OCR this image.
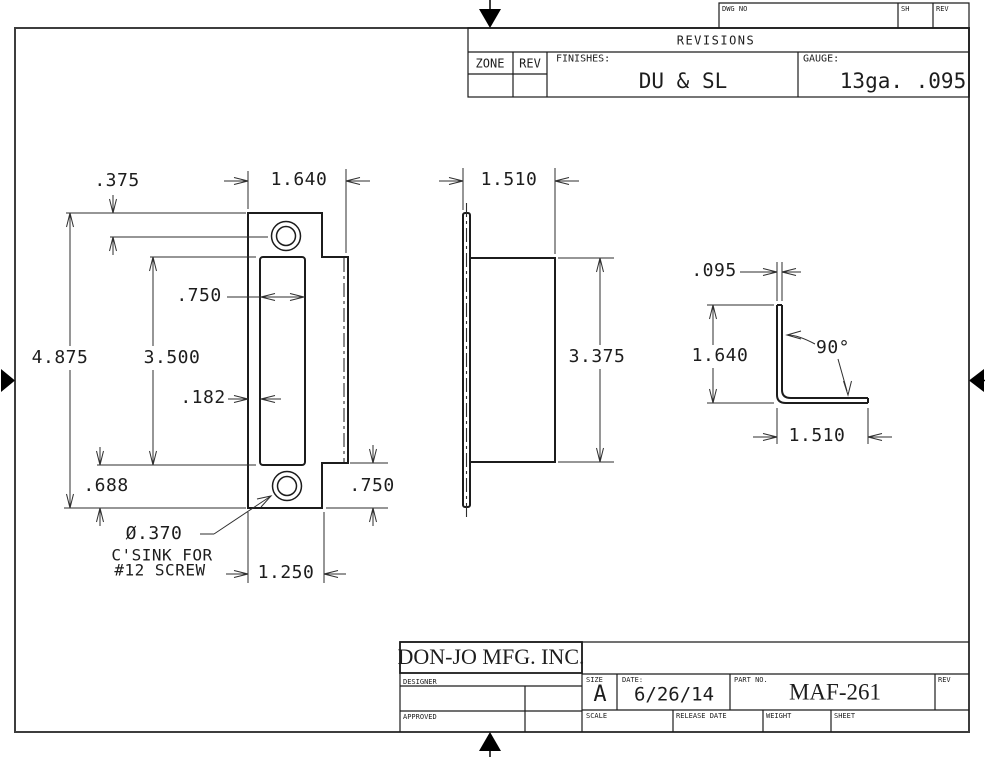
DWG NO	SH	REV
REVISIONS
ZONE REV FINISHES:
DU & SL
GAUGE:
13ga. .095
.375	1.640
4.875	3.500
.750
.182
.688
Ø.370
C'SINK FOR
#12 SCREW	1.250
.750
1.510
3.375
.095
1.640	90°
1.510
DON-JO MFG. INC.
DESIGNER
APPROVED
SIZE
A
DATE:
6/26/14
PART NO. MAF-261	REV
SCALE	RELEASE DATE	WEIGHT	SHEET
